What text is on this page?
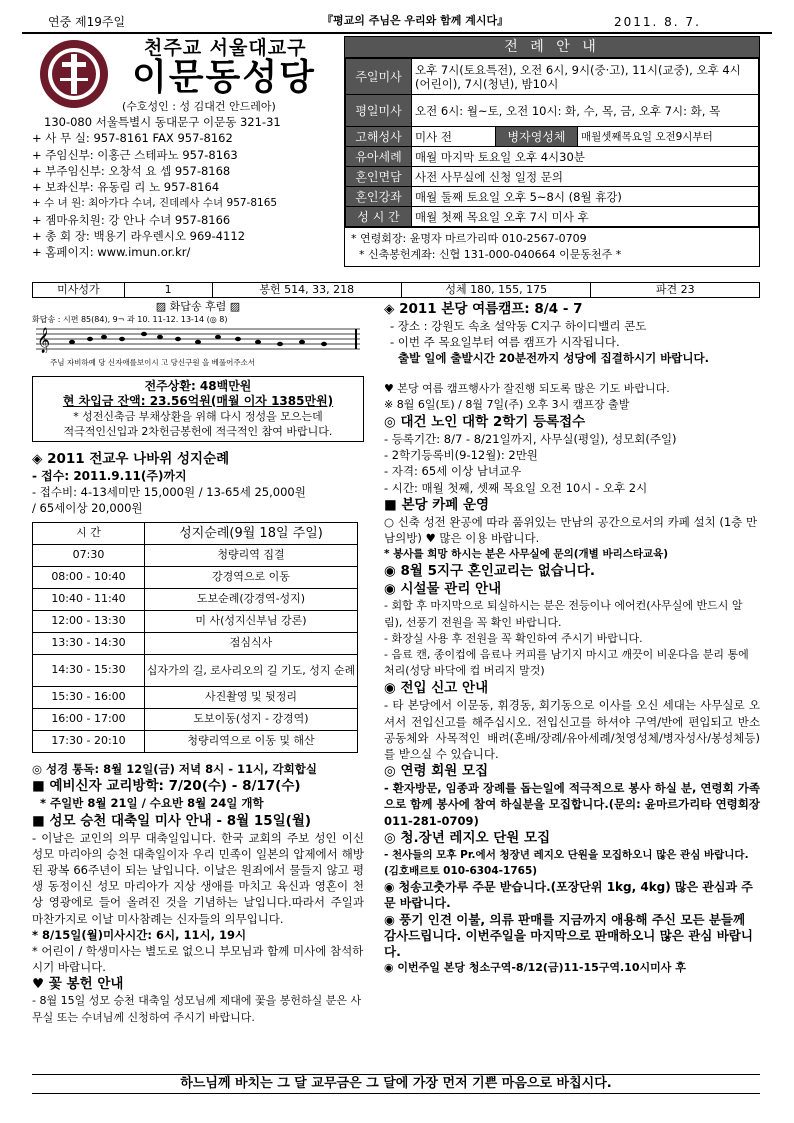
연중 제19주일	『평교의 주님은 우리와 함께 계시다』	2011. 8. 7.
천주교 서울대교구
이문동성당
(수호성인 : 성 김대건 안드레아)
130-080 서울특별시 동대문구 이문동 321-31
+ 사 무 실: 957-8161 FAX 957-8162
+ 주임신부: 이홍근 스테파노 957-8163
+ 부주임신부: 오창석 요 셉 957-8168
+ 보좌신부: 유동림 리 노 957-8164
+ 수 녀 원: 최아가다 수녀, 진데레사 수녀 957-8165
+ 젬마유치원: 강 안나 수녀 957-8166
+ 총 회 장: 백용기 라우렌시오 969-4112
+ 홈페이지: www.imun.or.kr/
전 례 안 내
주일미사	오후 7시(토요특전), 오전 6시, 9시(중·고), 11시(교중), 오후 4시(어린이), 7시(청년), 밤10시		
평일미사	오전 6시: 월~토, 오전 10시: 화, 수, 목, 금, 오후 7시: 화, 목		
고해성사	미사 전	병자영성체	매월셋째목요일 오전9시부터
유아세례	매월 마지막 토요일 오후 4시30분		
혼인면담	사전 사무실에 신청 일정 문의		
혼인강좌	매월 둘째 토요일 오후 5~8시 (8월 휴강)		
성 시 간	매월 첫째 목요일 오후 7시 미사 후		
* 연령회장: 윤명자 마르가리따 010-2567-0709
* 신축봉헌계좌: 신협 131-000-040664 이문동천주 *
미사성가	1	봉헌 514, 33, 218	성체 180, 155, 175	파견 23
▨ 화답송 후렴 ▨
화답송 : 시편 85(84), 9¬ 과 10. 11-12. 13-14 (◎ 8)
𝄞
주님 자비하예 당 신자애를보이시 고 당신구원 을 베풀어주소서
전주상환: 48백만원
현 차입금 잔액: 23.56억원(매월 이자 1385만원)
* 성전신축금 부채상환을 위해 다시 정성을 모으는데
적극적인신입과 2차헌금봉헌에 적극적인 참여 바랍니다.
◈ 2011 전교우 나바위 성지순례

- 접수: 2011.9.11(주)까지

- 접수비: 4-13세미만 15,000원 / 13-65세 25,000원

/ 65세이상 20,000원

시 간	성지순례(9월 18일 주일)
07:30	청량리역 집결
08:00 - 10:40	강경역으로 이동
10:40 - 11:40	도보순례(강경역-성지)
12:00 - 13:30	미 사(성지신부님 강론)
13:30 - 14:30	점심식사
14:30 - 15:30	십자가의 길, 로사리오의 길 기도, 성지 순례
15:30 - 16:00	사진촬영 및 뒷정리
16:00 - 17:00	도보이동(성지 - 강경역)
17:30 - 20:10	청량리역으로 이동 및 해산

◎ 성경 통독: 8월 12일(금) 저녁 8시 - 11시, 각회합실

■ 예비신자 교리방학: 7/20(수) - 8/17(수)

* 주일반 8월 21일 / 수요반 8월 24일 개학

■ 성모 승천 대축일 미사 안내 - 8월 15일(월)

- 이날은 교인의 의무 대축일입니다. 한국 교회의 주보 성인 이신 성모 마리아의 승천 대축일이자 우리 민족이 일본의 압제에서 해방된 광복 66주년이 되는 날입니다. 이날은 원죄에서 물들지 않고 평생 동정이신 성모 마리아가 지상 생애를 마치고 육신과 영혼이 천상 영광에로 들어 올려진 것을 기념하는 날입니다.따라서 주일과 마찬가지로 이날 미사참례는 신자들의 의무입니다.

* 8/15일(월)미사시간: 6시, 11시, 19시

* 어린이 / 학생미사는 별도로 없으니 부모님과 함께 미사에 참석하시기 바랍니다.

♥ 꽃 봉헌 안내

- 8월 15일 성모 승천 대축일 성모님께 제대에 꽃을 봉헌하실 분은 사무실 또는 수녀님께 신청하여 주시기 바랍니다.

◈ 2011 본당 여름캠프: 8/4 - 7

- 장소 : 강원도 속초 설악동 C지구 하이디밸리 콘도

- 이번 주 목요일부터 여름 캠프가 시작됩니다.

출발 일에 출발시간 20분전까지 성당에 집결하시기 바랍니다.

♥ 본당 여름 캠프행사가 잘진행 되도록 많은 기도 바랍니다.

※ 8월 6일(토) / 8월 7일(주) 오후 3시 캠프장 출발

◎ 대건 노인 대학 2학기 등록접수

- 등록기간: 8/7 - 8/21일까지, 사무실(평일), 성모회(주일)

- 2학기등록비(9-12월): 2만원

- 자격: 65세 이상 남녀교우

- 시간: 매월 첫째, 셋째 목요일 오전 10시 - 오후 2시

■ 본당 카페 운영

○ 신축 성전 완공에 따라 품위있는 만남의 공간으로서의 카페 설치 (1층 만남의방) ♥ 많은 이용 바랍니다.

* 봉사를 희망 하시는 분은 사무실에 문의(개별 바리스타교육)

◉ 8월 5지구 혼인교리는 없습니다.
◉ 시설물 관리 안내

- 회합 후 마지막으로 퇴실하시는 분은 전등이나 에어컨(사무실에 반드시 알림), 선풍기 전원을 꼭 확인 바랍니다.

- 화장실 사용 후 전원을 꼭 확인하여 주시기 바랍니다.

- 음료 캔, 종이컵에 음료나 커피를 남기지 마시고 깨끗이 비운다음 분리 통에 처리(성당 바닥에 컵 버리지 말것)

◉ 전입 신고 안내

- 타 본당에서 이문동, 휘경동, 회기동으로 이사를 오신 세대는 사무실로 오셔서 전입신고를 해주십시오. 전입신고를 하셔야 구역/반에 편입되고 반소공동체와 사목적인 배려(혼배/장례/유아세례/첫영성체/병자성사/봉성체등)를 받으실 수 있습니다.

◎ 연령 회원 모집

- 환자방문, 임종과 장례를 돕는일에 적극적으로 봉사 하실 분, 연령회 가족으로 함께 봉사에 참여 하실분을 모집합니다.(문의: 윤마르가리타 연령회장 011-281-0709)

◎ 청.장년 레지오 단원 모집

- 천사들의 모후 Pr.에서 청장년 레지오 단원을 모집하오니 많은 관심 바랍니다.(김호배르토 010-6304-1765)

◉ 청송고춧가루 주문 받습니다.(포장단위 1kg, 4kg) 많은 관심과 주문 바랍니다.

◉ 풍기 인견 이불, 의류 판매를 지금까지 애용해 주신 모든 분들께 감사드립니다. 이번주일을 마지막으로 판매하오니 많은 관심 바랍니다.

◉ 이번주일 본당 청소구역-8/12(금)11-15구역.10시미사 후

하느님께 바치는 그 달 교무금은 그 달에 가장 먼저 기쁜 마음으로 바칩시다.
